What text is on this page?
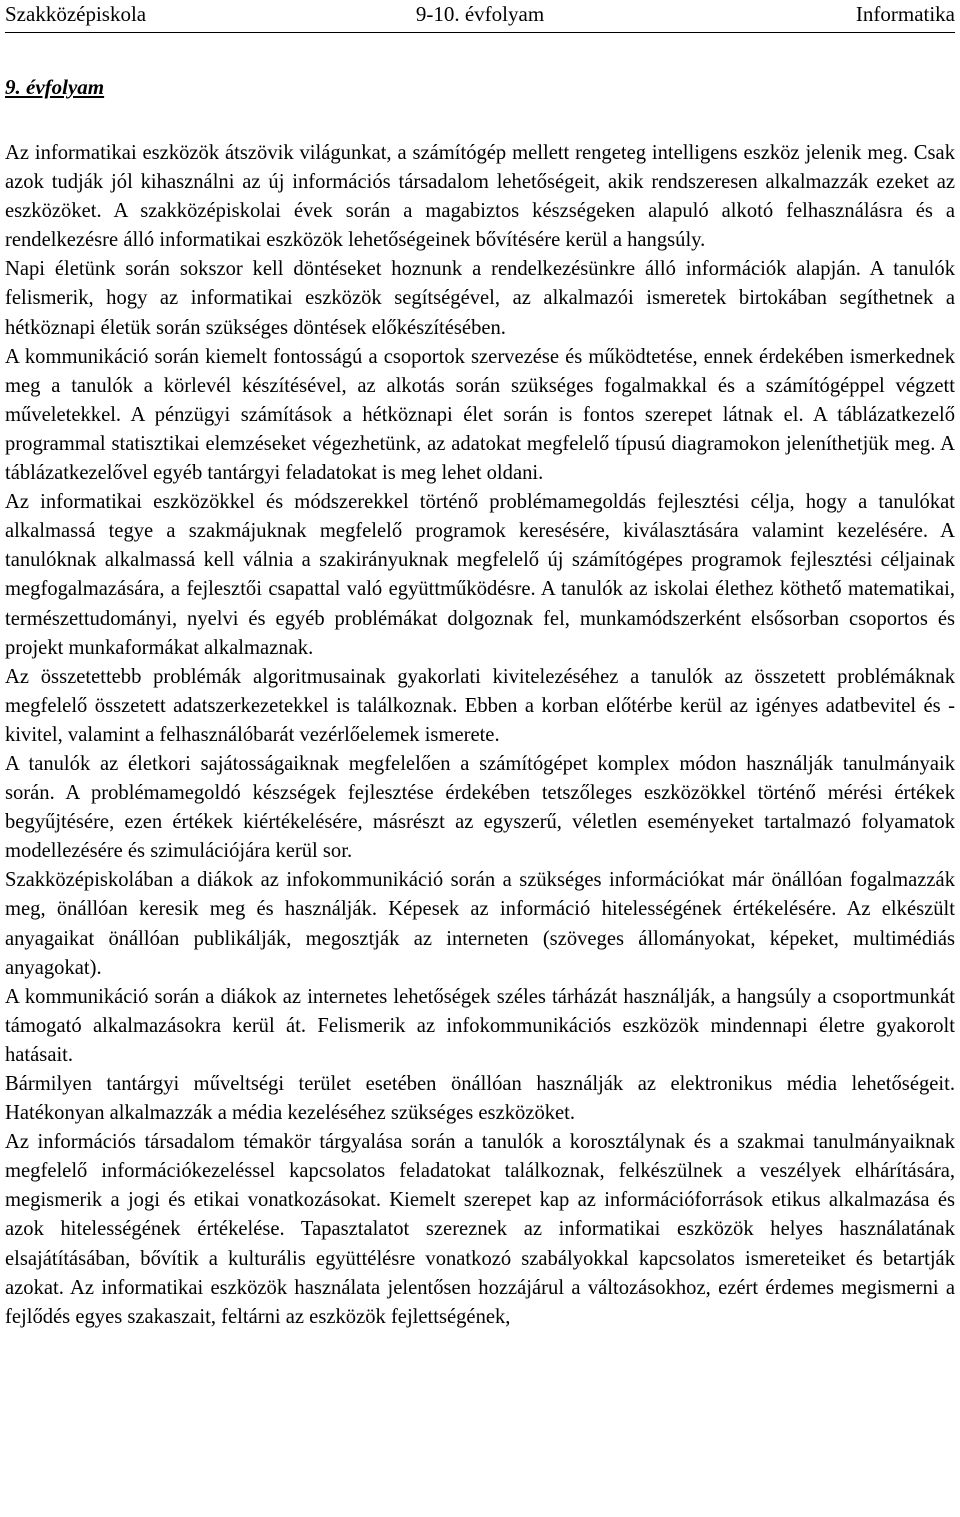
Szakközépiskola	9-10. évfolyam	Informatika
9. évfolyam

Az informatikai eszközök átszövik világunkat, a számítógép mellett rengeteg intelligens eszköz jelenik meg. Csak azok tudják jól kihasználni az új információs társadalom lehetőségeit, akik rendszeresen alkalmazzák ezeket az eszközöket. A szakközépiskolai évek során a magabiztos készségeken alapuló alkotó felhasználásra és a rendelkezésre álló informatikai eszközök lehetőségeinek bővítésére kerül a hangsúly.

Napi életünk során sokszor kell döntéseket hoznunk a rendelkezésünkre álló információk alapján. A tanulók felismerik, hogy az informatikai eszközök segítségével, az alkalmazói ismeretek birtokában segíthetnek a hétköznapi életük során szükséges döntések előkészítésében.

A kommunikáció során kiemelt fontosságú a csoportok szervezése és működtetése, ennek érdekében ismerkednek meg a tanulók a körlevél készítésével, az alkotás során szükséges fogalmakkal és a számítógéppel végzett műveletekkel. A pénzügyi számítások a hétköznapi élet során is fontos szerepet látnak el. A táblázatkezelő programmal statisztikai elemzéseket végezhetünk, az adatokat megfelelő típusú diagramokon jeleníthetjük meg. A táblázatkezelővel egyéb tantárgyi feladatokat is meg lehet oldani.

Az informatikai eszközökkel és módszerekkel történő problémamegoldás fejlesztési célja, hogy a tanulókat alkalmassá tegye a szakmájuknak megfelelő programok keresésére, kiválasztására valamint kezelésére. A tanulóknak alkalmassá kell válnia a szakirányuknak megfelelő új számítógépes programok fejlesztési céljainak megfogalmazására, a fejlesztői csapattal való együttműködésre. A tanulók az iskolai élethez köthető matematikai, természettudományi, nyelvi és egyéb problémákat dolgoznak fel, munkamódszerként elsősorban csoportos és projekt munkaformákat alkalmaznak.

Az összetettebb problémák algoritmusainak gyakorlati kivitelezéséhez a tanulók az összetett problémáknak megfelelő összetett adatszerkezetekkel is találkoznak. Ebben a korban előtérbe kerül az igényes adatbevitel és -kivitel, valamint a felhasználóbarát vezérlőelemek ismerete.

A tanulók az életkori sajátosságaiknak megfelelően a számítógépet komplex módon használják tanulmányaik során. A problémamegoldó készségek fejlesztése érdekében tetszőleges eszközökkel történő mérési értékek begyűjtésére, ezen értékek kiértékelésére, másrészt az egyszerű, véletlen eseményeket tartalmazó folyamatok modellezésére és szimulációjára kerül sor.

Szakközépiskolában a diákok az infokommunikáció során a szükséges információkat már önállóan fogalmazzák meg, önállóan keresik meg és használják. Képesek az információ hitelességének értékelésére. Az elkészült anyagaikat önállóan publikálják, megosztják az interneten (szöveges állományokat, képeket, multimédiás anyagokat).

A kommunikáció során a diákok az internetes lehetőségek széles tárházát használják, a hangsúly a csoportmunkát támogató alkalmazásokra kerül át. Felismerik az infokommunikációs eszközök mindennapi életre gyakorolt hatásait.

Bármilyen tantárgyi műveltségi terület esetében önállóan használják az elektronikus média lehetőségeit. Hatékonyan alkalmazzák a média kezeléséhez szükséges eszközöket.

Az információs társadalom témakör tárgyalása során a tanulók a korosztálynak és a szakmai tanulmányaiknak megfelelő információkezeléssel kapcsolatos feladatokat találkoznak, felkészülnek a veszélyek elhárítására, megismerik a jogi és etikai vonatkozásokat. Kiemelt szerepet kap az információforrások etikus alkalmazása és azok hitelességének értékelése. Tapasztalatot szereznek az informatikai eszközök helyes használatának elsajátításában, bővítik a kulturális együttélésre vonatkozó szabályokkal kapcsolatos ismereteiket és betartják azokat. Az informatikai eszközök használata jelentősen hozzájárul a változásokhoz, ezért érdemes megismerni a fejlődés egyes szakaszait, feltárni az eszközök fejlettségének,
